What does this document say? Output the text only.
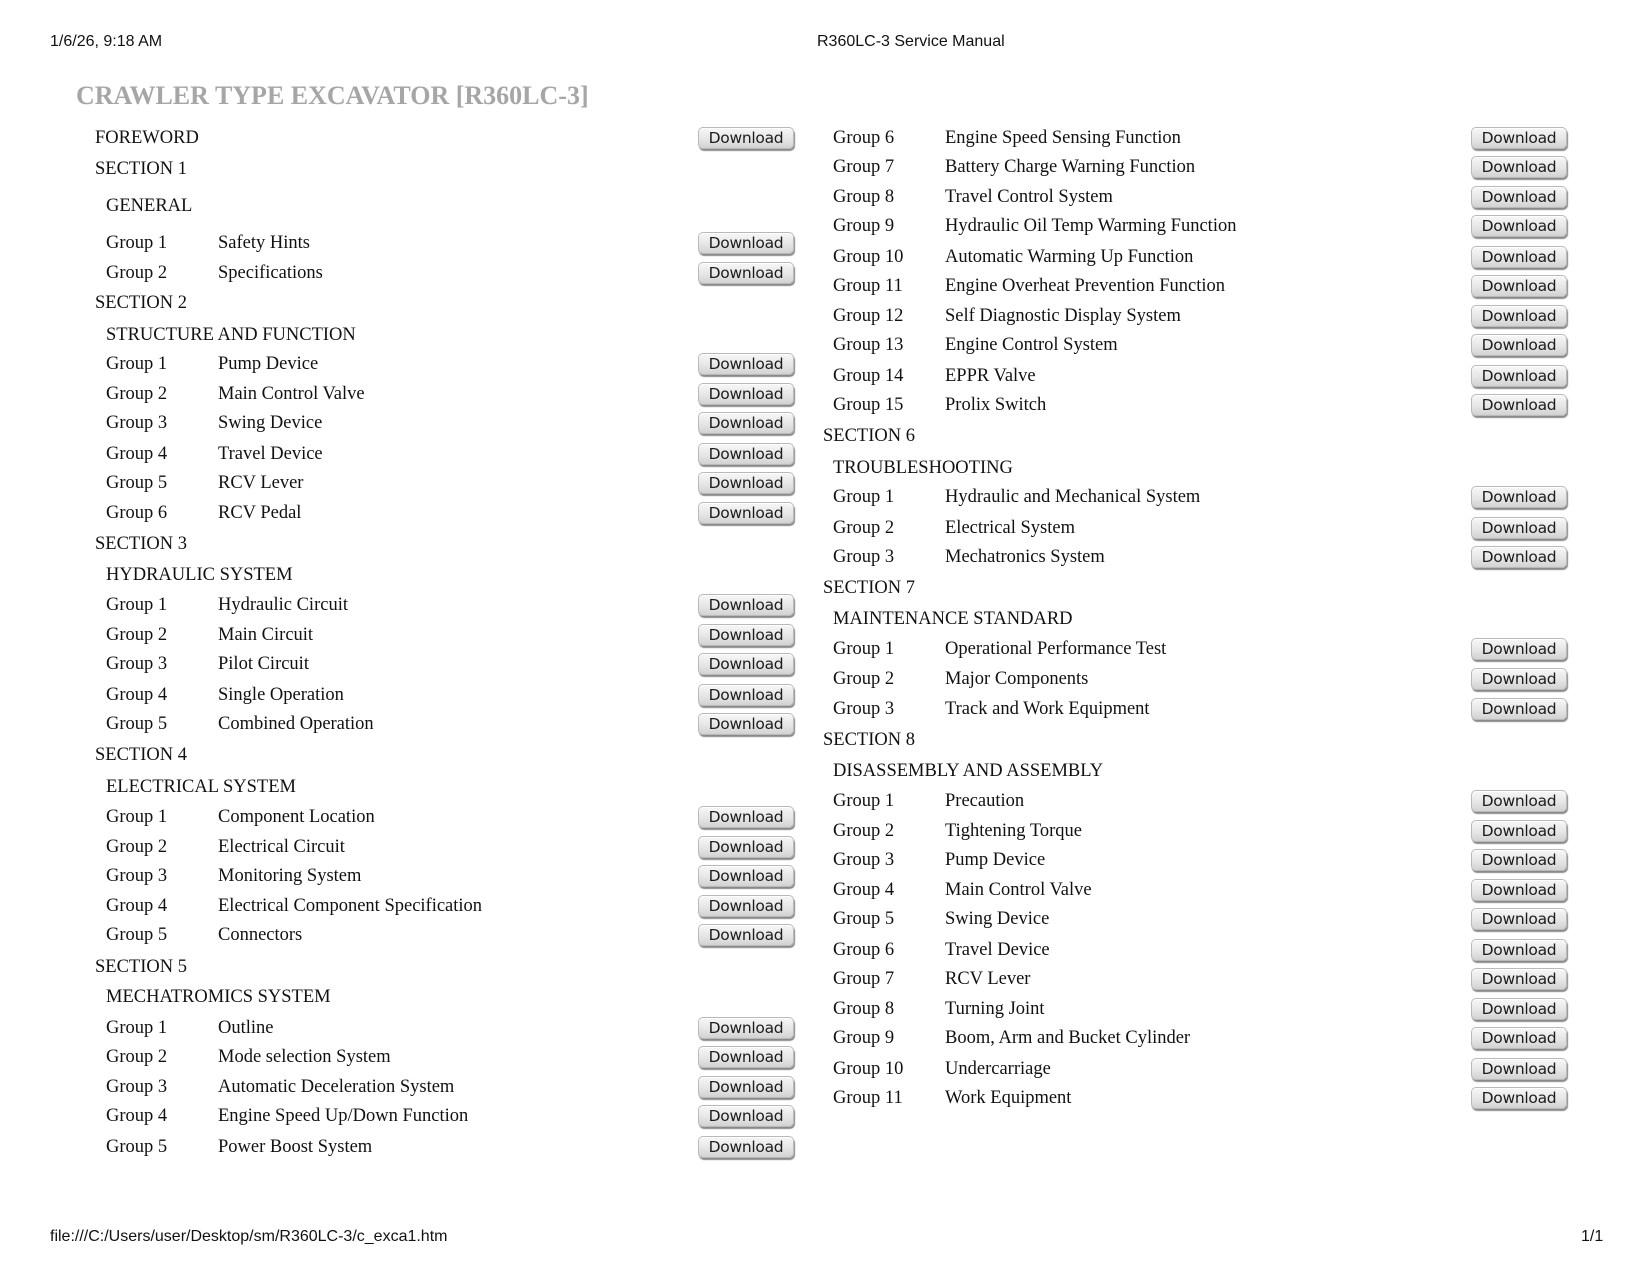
1/6/26, 9:18 AM	R360LC-3 Service Manual
CRAWLER TYPE EXCAVATOR [R360LC-3]
FOREWORD	Download
SECTION 1
GENERAL
Group 1	Safety Hints	Download
Group 2	Specifications	Download
SECTION 2
STRUCTURE AND FUNCTION
Group 1	Pump Device	Download
Group 2	Main Control Valve	Download
Group 3	Swing Device	Download
Group 4	Travel Device	Download
Group 5	RCV Lever	Download
Group 6	RCV Pedal	Download
SECTION 3
HYDRAULIC SYSTEM
Group 1	Hydraulic Circuit	Download
Group 2	Main Circuit	Download
Group 3	Pilot Circuit	Download
Group 4	Single Operation	Download
Group 5	Combined Operation	Download
SECTION 4
ELECTRICAL SYSTEM
Group 1	Component Location	Download
Group 2	Electrical Circuit	Download
Group 3	Monitoring System	Download
Group 4	Electrical Component Specification	Download
Group 5	Connectors	Download
SECTION 5
MECHATROMICS SYSTEM
Group 1	Outline	Download
Group 2	Mode selection System	Download
Group 3	Automatic Deceleration System	Download
Group 4	Engine Speed Up/Down Function	Download
Group 5	Power Boost System	Download
Group 6	Engine Speed Sensing Function	Download
Group 7	Battery Charge Warning Function	Download
Group 8	Travel Control System	Download
Group 9	Hydraulic Oil Temp Warming Function	Download
Group 10 Automatic Warming Up Function	Download
Group 11 Engine Overheat Prevention Function	Download
Group 12 Self Diagnostic Display System	Download
Group 13 Engine Control System	Download
Group 14 EPPR Valve	Download
Group 15 Prolix Switch	Download
SECTION 6
TROUBLESHOOTING
Group 1	Hydraulic and Mechanical System	Download
Group 2	Electrical System	Download
Group 3	Mechatronics System	Download
SECTION 7
MAINTENANCE STANDARD
Group 1	Operational Performance Test	Download
Group 2	Major Components	Download
Group 3	Track and Work Equipment	Download
SECTION 8
DISASSEMBLY AND ASSEMBLY
Group 1	Precaution	Download
Group 2	Tightening Torque	Download
Group 3	Pump Device	Download
Group 4	Main Control Valve	Download
Group 5	Swing Device	Download
Group 6	Travel Device	Download
Group 7	RCV Lever	Download
Group 8	Turning Joint	Download
Group 9	Boom, Arm and Bucket Cylinder	Download
Group 10 Undercarriage	Download
Group 11 Work Equipment	Download
file:///C:/Users/user/Desktop/sm/R360LC-3/c_exca1.htm	1/1
